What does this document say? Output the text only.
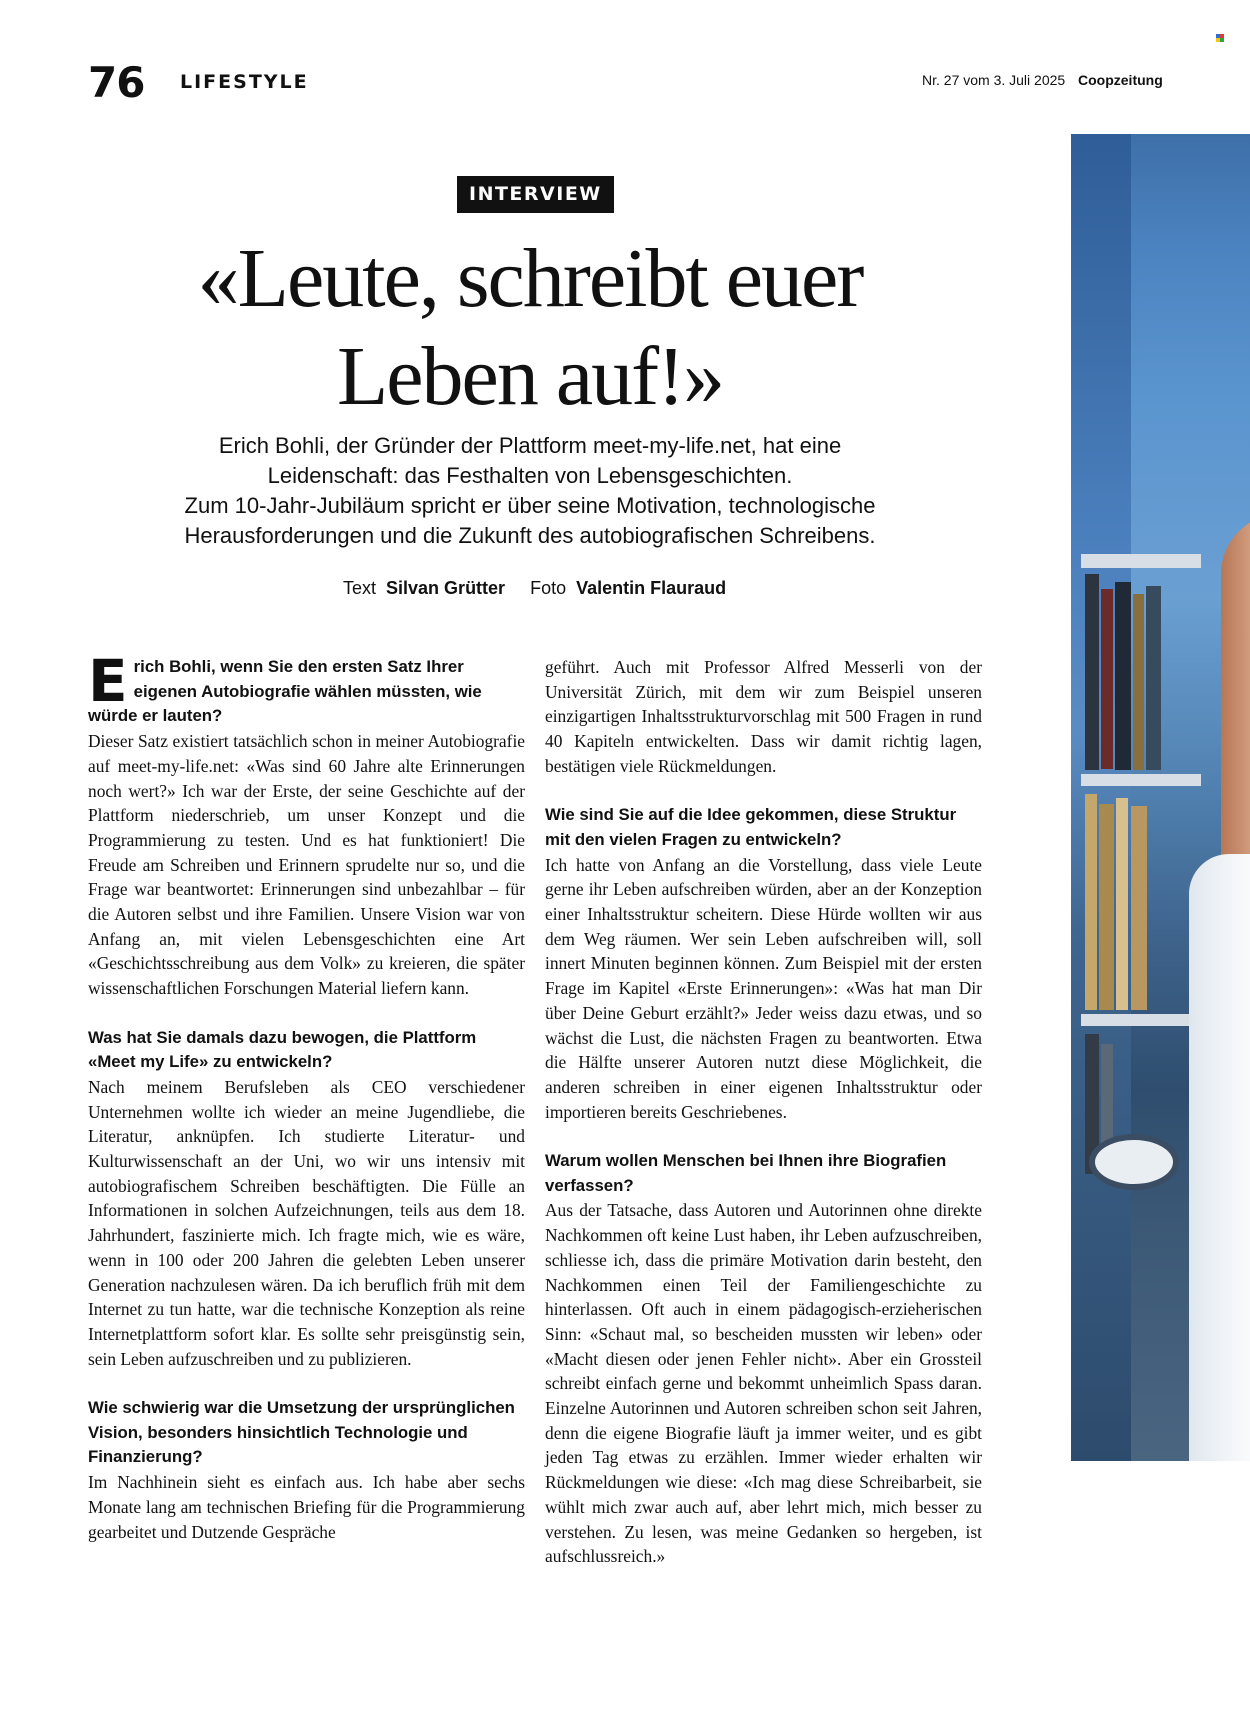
76 LIFESTYLE	Nr. 27 vom 3. Juli 2025 Coopzeitung
INTERVIEW
«Leute, schreibt euer
Leben auf!»

Erich Bohli, der Gründer der Plattform meet-my-life.net, hat eine
Leidenschaft: das Festhalten von Lebensgeschichten.
Zum 10-Jahr-Jubiläum spricht er über seine Motivation, technologische
Herausforderungen und die Zukunft des autobiografischen Schreibens.

Text Silvan Grütter Foto Valentin Flauraud

Erich Bohli, wenn Sie den ersten Satz Ihrer eigenen Autobiografie wählen müssten, wie würde er lauten?

Dieser Satz existiert tatsächlich schon in meiner Autobiografie auf meet-my-life.net: «Was sind 60 Jahre alte Erinnerungen noch wert?» Ich war der Erste, der seine Geschichte auf der Plattform niederschrieb, um unser Konzept und die Programmierung zu testen. Und es hat funktioniert! Die Freude am Schreiben und Erinnern sprudelte nur so, und die Frage war beantwortet: Erinnerungen sind unbezahlbar – für die Autoren selbst und ihre Familien. Unsere Vision war von Anfang an, mit vielen Lebensgeschichten eine Art «Geschichtsschreibung aus dem Volk» zu kreieren, die später wissenschaftlichen Forschungen Material liefern kann.

Was hat Sie damals dazu bewogen, die Plattform «Meet my Life» zu entwickeln?

Nach meinem Berufsleben als CEO verschiedener Unternehmen wollte ich wieder an meine Jugendliebe, die Literatur, anknüpfen. Ich studierte Literatur- und Kulturwissenschaft an der Uni, wo wir uns intensiv mit autobiografischem Schreiben beschäftigten. Die Fülle an Informationen in solchen Aufzeichnungen, teils aus dem 18. Jahrhundert, faszinierte mich. Ich fragte mich, wie es wäre, wenn in 100 oder 200 Jahren die gelebten Leben unserer Generation nachzulesen wären. Da ich beruflich früh mit dem Internet zu tun hatte, war die technische Konzeption als reine Internetplattform sofort klar. Es sollte sehr preisgünstig sein, sein Leben aufzuschreiben und zu publizieren.

Wie schwierig war die Umsetzung der ursprünglichen Vision, besonders hinsichtlich Technologie und Finanzierung?

Im Nachhinein sieht es einfach aus. Ich habe aber sechs Monate lang am technischen Briefing für die Programmierung gearbeitet und Dutzende Gespräche

geführt. Auch mit Professor Alfred Messerli von der Universität Zürich, mit dem wir zum Beispiel unseren einzigartigen Inhaltsstrukturvorschlag mit 500 Fragen in rund 40 Kapiteln entwickelten. Dass wir damit richtig lagen, bestätigen viele Rückmeldungen.

Wie sind Sie auf die Idee gekommen, diese Struktur mit den vielen Fragen zu entwickeln?

Ich hatte von Anfang an die Vorstellung, dass viele Leute gerne ihr Leben aufschreiben würden, aber an der Konzeption einer Inhaltsstruktur scheitern. Diese Hürde wollten wir aus dem Weg räumen. Wer sein Leben aufschreiben will, soll innert Minuten beginnen können. Zum Beispiel mit der ersten Frage im Kapitel «Erste Erinnerungen»: «Was hat man Dir über Deine Geburt erzählt?» Jeder weiss dazu etwas, und so wächst die Lust, die nächsten Fragen zu beantworten. Etwa die Hälfte unserer Autoren nutzt diese Möglichkeit, die anderen schreiben in einer eigenen Inhaltsstruktur oder importieren bereits Geschriebenes.

Warum wollen Menschen bei Ihnen ihre Biografien verfassen?

Aus der Tatsache, dass Autoren und Autorinnen ohne direkte Nachkommen oft keine Lust haben, ihr Leben aufzuschreiben, schliesse ich, dass die primäre Motivation darin besteht, den Nachkommen einen Teil der Familiengeschichte zu hinterlassen. Oft auch in einem pädagogisch-erzieherischen Sinn: «Schaut mal, so bescheiden mussten wir leben» oder «Macht diesen oder jenen Fehler nicht». Aber ein Grossteil schreibt einfach gerne und bekommt unheimlich Spass daran. Einzelne Autorinnen und Autoren schreiben schon seit Jahren, denn die eigene Biografie läuft ja immer weiter, und es gibt jeden Tag etwas zu erzählen. Immer wieder erhalten wir Rückmeldungen wie diese: «Ich mag diese Schreibarbeit, sie wühlt mich zwar auch auf, aber lehrt mich, mich besser zu verstehen. Zu lesen, was meine Gedanken so hergeben, ist aufschlussreich.»
